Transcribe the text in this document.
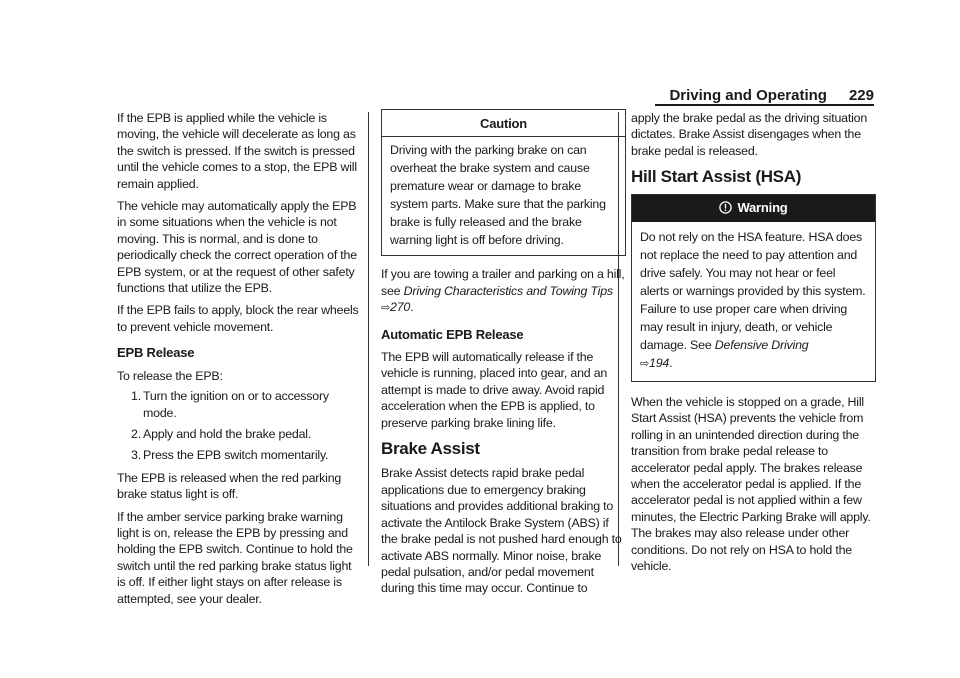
Driving and Operating 229

If the EPB is applied while the vehicle is moving, the vehicle will decelerate as long as the switch is pressed. If the switch is pressed until the vehicle comes to a stop, the EPB will remain applied.

The vehicle may automatically apply the EPB in some situations when the vehicle is not moving. This is normal, and is done to periodically check the correct operation of the EPB system, or at the request of other safety functions that utilize the EPB.

If the EPB fails to apply, block the rear wheels to prevent vehicle movement.

EPB Release

To release the EPB:

1. Turn the ignition on or to accessory mode.
2. Apply and hold the brake pedal.
3. Press the EPB switch momentarily.

The EPB is released when the red parking brake status light is off.

If the amber service parking brake warning light is on, release the EPB by pressing and holding the EPB switch. Continue to hold the switch until the red parking brake status light is off. If either light stays on after release is attempted, see your dealer.

Caution

Driving with the parking brake on can overheat the brake system and cause premature wear or damage to brake system parts. Make sure that the parking brake is fully released and the brake warning light is off before driving.

If you are towing a trailer and parking on a hill, see Driving Characteristics and Towing Tips ⇨270.

Automatic EPB Release

The EPB will automatically release if the vehicle is running, placed into gear, and an attempt is made to drive away. Avoid rapid acceleration when the EPB is applied, to preserve parking brake lining life.

Brake Assist

Brake Assist detects rapid brake pedal applications due to emergency braking situations and provides additional braking to activate the Antilock Brake System (ABS) if the brake pedal is not pushed hard enough to activate ABS normally. Minor noise, brake pedal pulsation, and/or pedal movement during this time may occur. Continue to

apply the brake pedal as the driving situation dictates. Brake Assist disengages when the brake pedal is released.

Hill Start Assist (HSA)
Warning

Do not rely on the HSA feature. HSA does not replace the need to pay attention and drive safely. You may not hear or feel alerts or warnings provided by this system. Failure to use proper care when driving may result in injury, death, or vehicle damage. See Defensive Driving
⇨194.

When the vehicle is stopped on a grade, Hill Start Assist (HSA) prevents the vehicle from rolling in an unintended direction during the transition from brake pedal release to accelerator pedal apply. The brakes release when the accelerator pedal is applied. If the accelerator pedal is not applied within a few minutes, the Electric Parking Brake will apply. The brakes may also release under other conditions. Do not rely on HSA to hold the vehicle.
